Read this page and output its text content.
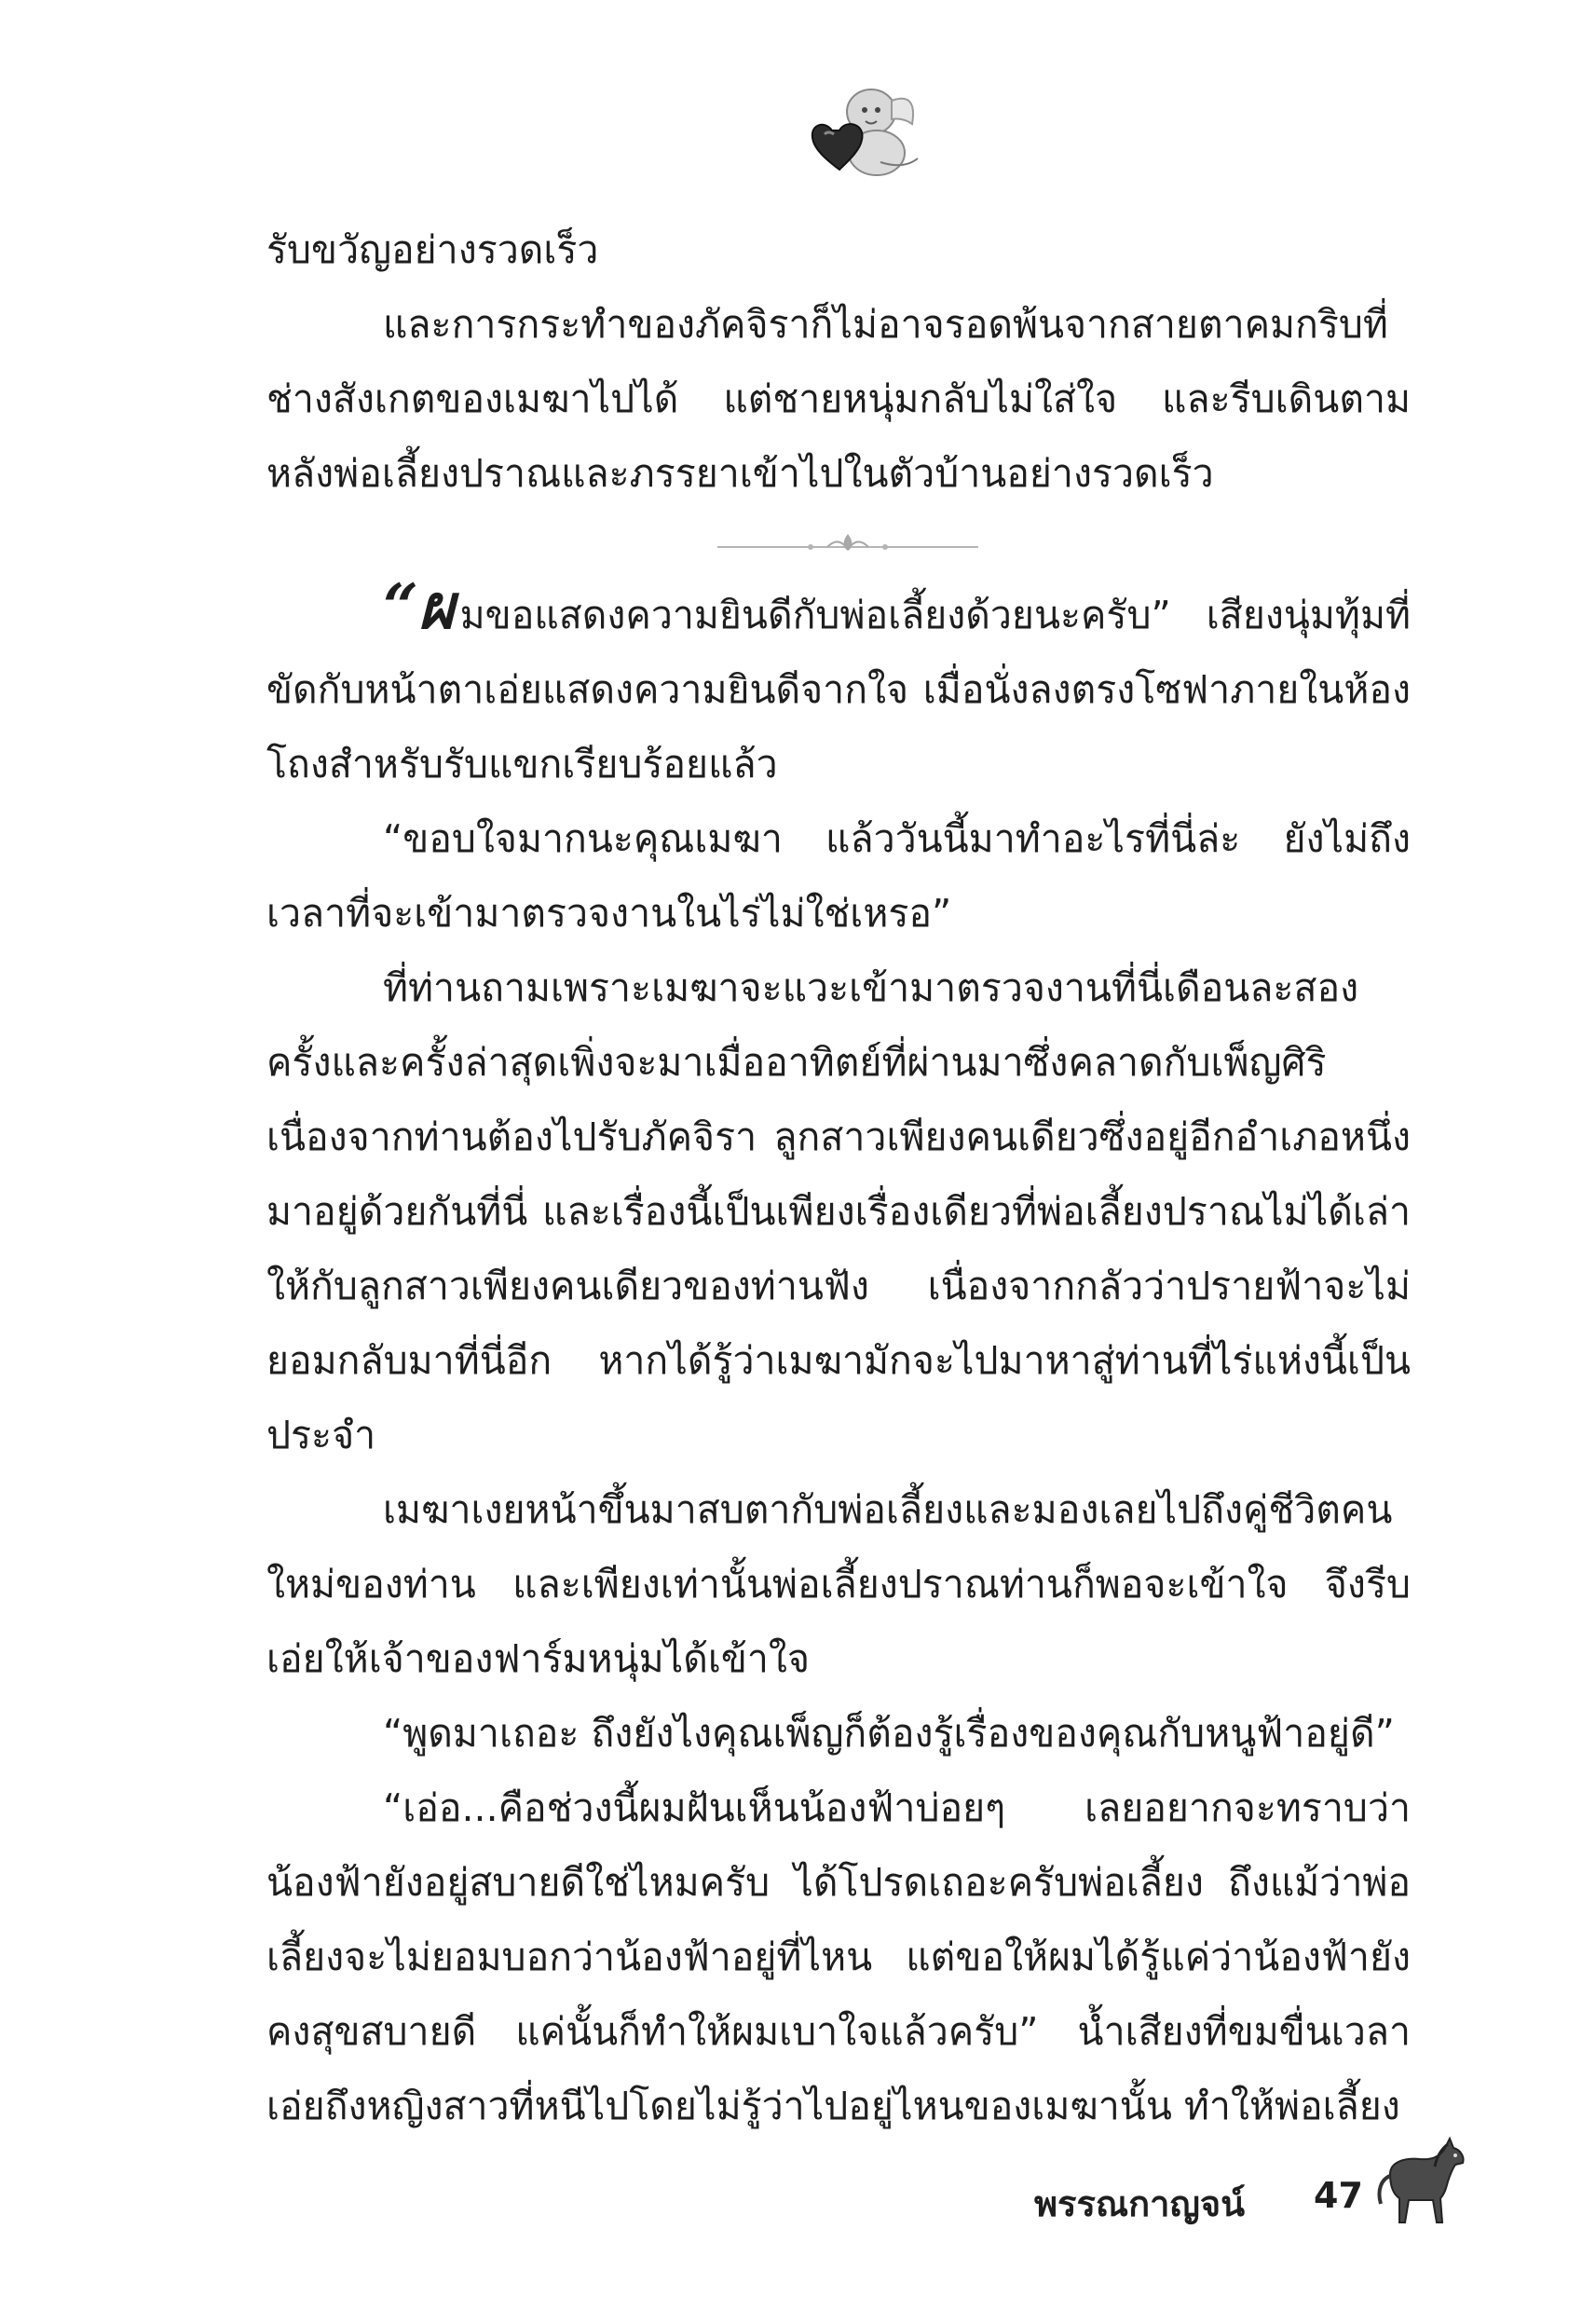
รับขวัญอย่างรวดเร็ว

และการกระทำของภัคจิราก็ไม่อาจรอดพ้นจากสายตาคมกริบที่ช่างสังเกตของเมฆาไปได้ แต่ชายหนุ่มกลับไม่ใส่ใจ และรีบเดินตามหลังพ่อเลี้ยงปราณและภรรยาเข้าไปในตัวบ้านอย่างรวดเร็ว

“ผมขอแสดงความยินดีกับพ่อเลี้ยงด้วยนะครับ” เสียงนุ่มทุ้มที่ขัดกับหน้าตาเอ่ยแสดงความยินดีจากใจ เมื่อนั่งลงตรงโซฟาภายในห้องโถงสำหรับรับแขกเรียบร้อยแล้ว

“ขอบใจมากนะคุณเมฆา แล้ววันนี้มาทำอะไรที่นี่ล่ะ ยังไม่ถึงเวลาที่จะเข้ามาตรวจงานในไร่ไม่ใช่เหรอ”

ที่ท่านถามเพราะเมฆาจะแวะเข้ามาตรวจงานที่นี่เดือนละสองครั้งและครั้งล่าสุดเพิ่งจะมาเมื่ออาทิตย์ที่ผ่านมาซึ่งคลาดกับเพ็ญศิริ เนื่องจากท่านต้องไปรับภัคจิรา ลูกสาวเพียงคนเดียวซึ่งอยู่อีกอำเภอหนึ่งมาอยู่ด้วยกันที่นี่ และเรื่องนี้เป็นเพียงเรื่องเดียวที่พ่อเลี้ยงปราณไม่ได้เล่าให้กับลูกสาวเพียงคนเดียวของท่านฟัง เนื่องจากกลัวว่าปรายฟ้าจะไม่ยอมกลับมาที่นี่อีก หากได้รู้ว่าเมฆามักจะไปมาหาสู่ท่านที่ไร่แห่งนี้เป็นประจำ

เมฆาเงยหน้าขึ้นมาสบตากับพ่อเลี้ยงและมองเลยไปถึงคู่ชีวิตคนใหม่ของท่าน และเพียงเท่านั้นพ่อเลี้ยงปราณท่านก็พอจะเข้าใจ จึงรีบเอ่ยให้เจ้าของฟาร์มหนุ่มได้เข้าใจ

“พูดมาเถอะ ถึงยังไงคุณเพ็ญก็ต้องรู้เรื่องของคุณกับหนูฟ้าอยู่ดี”

“เอ่อ...คือช่วงนี้ผมฝันเห็นน้องฟ้าบ่อยๆ เลยอยากจะทราบว่าน้องฟ้ายังอยู่สบายดีใช่ไหมครับ ได้โปรดเถอะครับพ่อเลี้ยง ถึงแม้ว่าพ่อเลี้ยงจะไม่ยอมบอกว่าน้องฟ้าอยู่ที่ไหน แต่ขอให้ผมได้รู้แค่ว่าน้องฟ้ายังคงสุขสบายดี แค่นั้นก็ทำให้ผมเบาใจแล้วครับ” น้ำเสียงที่ขมขื่นเวลาเอ่ยถึงหญิงสาวที่หนีไปโดยไม่รู้ว่าไปอยู่ไหนของเมฆานั้น ทำให้พ่อเลี้ยง

พรรณกาญจน์ 47
